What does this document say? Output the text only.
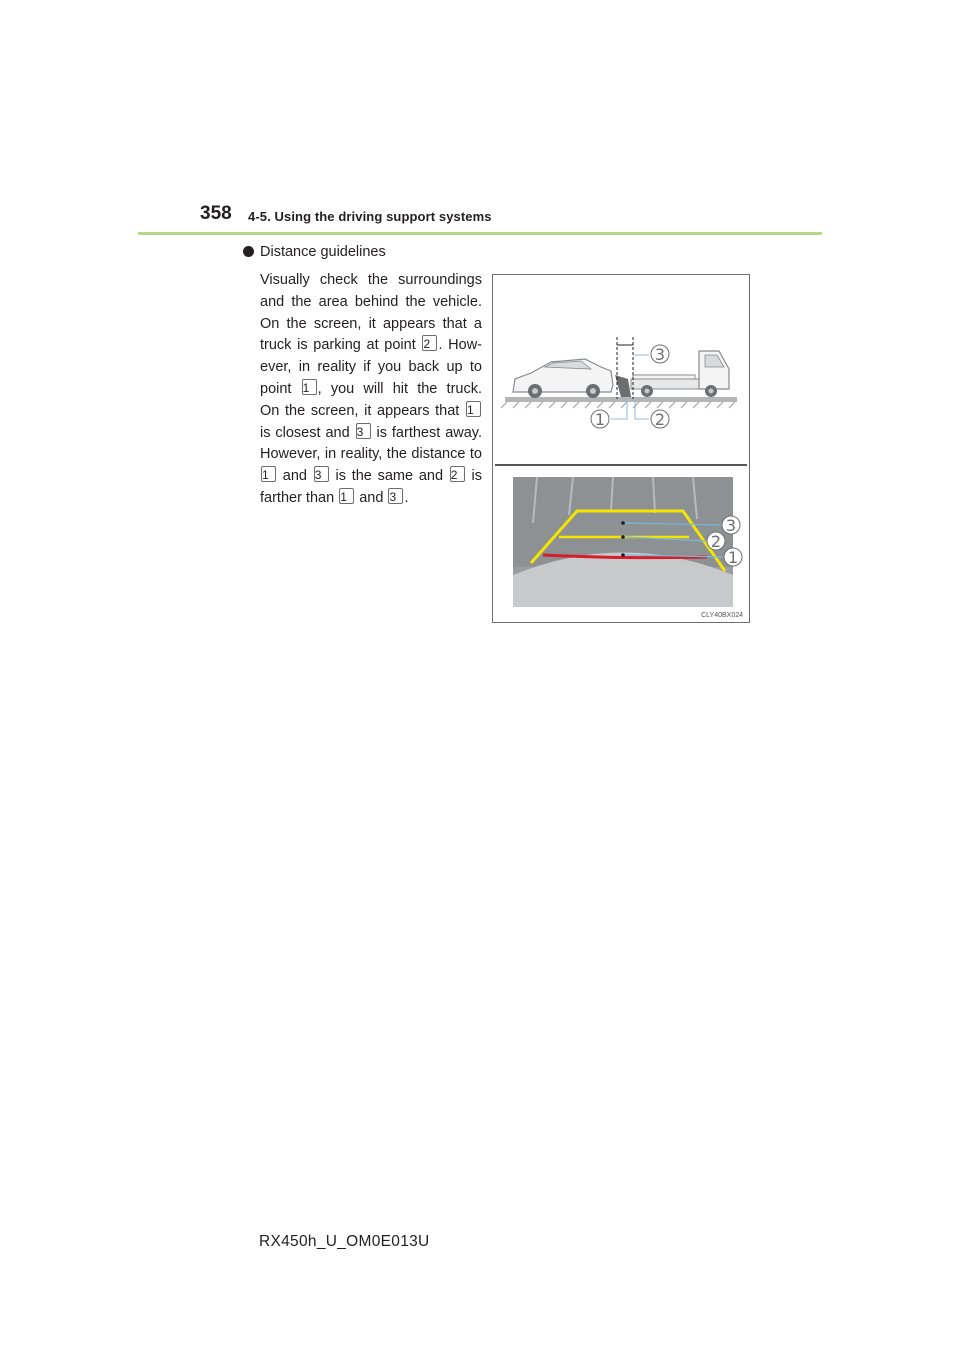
358 4-5. Using the driving support systems
Distance guidelines
Visually check the surroundings
and the area behind the vehicle.
On the screen, it appears that a
truck is parking at point 2 . How-
ever, in reality if you back up to
point 1 , you will hit the truck.
On the screen, it appears that 1
is closest and 3 is farthest away.
However, in reality, the distance to
1 and 3 is the same and 2 is
farther than 1 and 3 .
3
1	2
3
2
1
CLY40BX024
RX450h_U_OM0E013U
